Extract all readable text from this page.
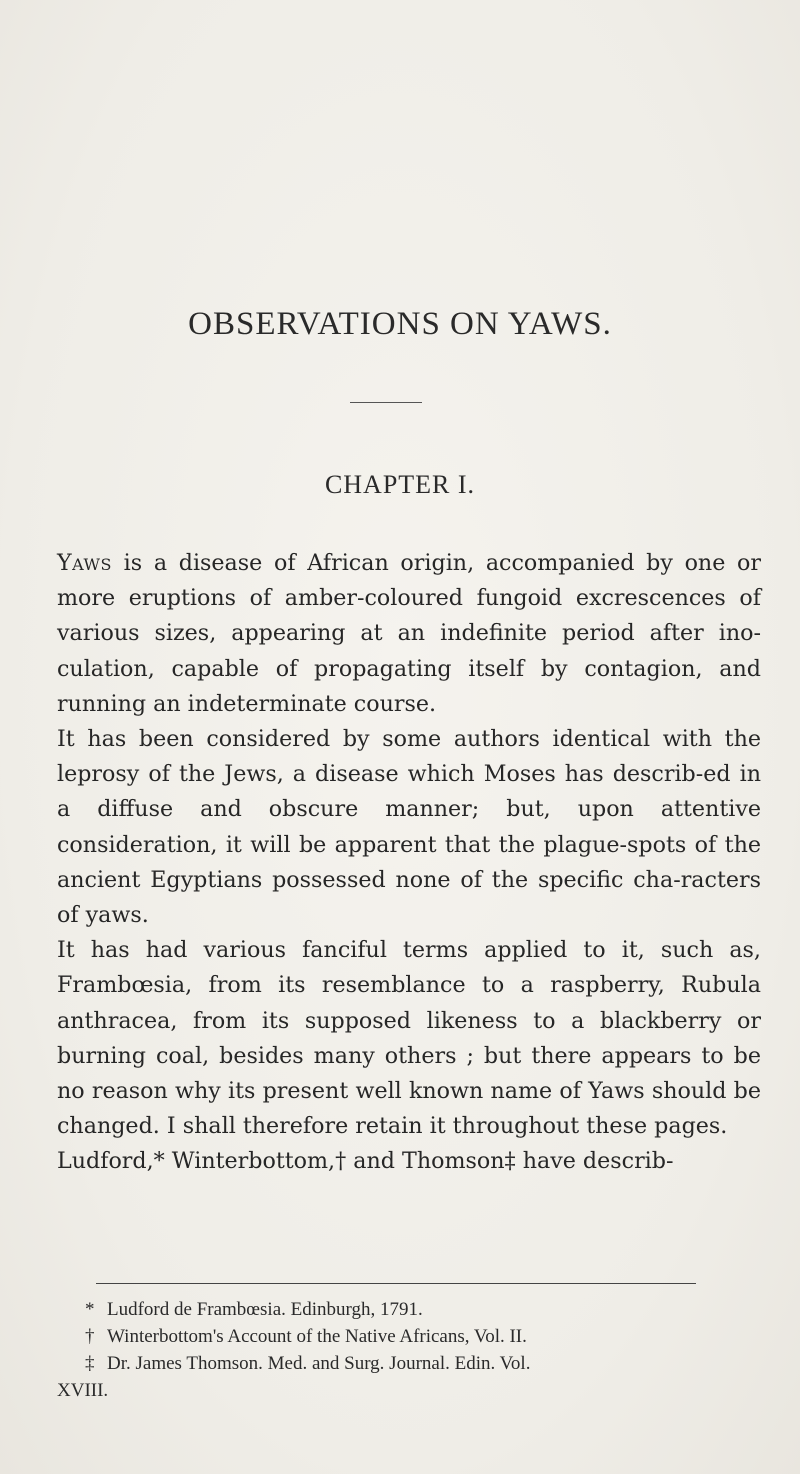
OBSERVATIONS ON YAWS.
CHAPTER I.

Yaws is a disease of African origin, accompanied by one or more eruptions of amber-coloured fungoid excrescences of various sizes, appearing at an indefinite period after ino-culation, capable of propagating itself by contagion, and running an indeterminate course.

It has been considered by some authors identical with the leprosy of the Jews, a disease which Moses has describ-ed in a diffuse and obscure manner; but, upon attentive consideration, it will be apparent that the plague-spots of the ancient Egyptians possessed none of the specific cha-racters of yaws.

It has had various fanciful terms applied to it, such as, Frambœsia, from its resemblance to a raspberry, Rubula anthracea, from its supposed likeness to a blackberry or burning coal, besides many others ; but there appears to be no reason why its present well known name of Yaws should be changed. I shall therefore retain it throughout these pages.

Ludford,* Winterbottom,† and Thomson‡ have describ-

* Ludford de Frambœsia. Edinburgh, 1791.

† Winterbottom's Account of the Native Africans, Vol. II.

‡ Dr. James Thomson. Med. and Surg. Journal. Edin. Vol.

XVIII.
